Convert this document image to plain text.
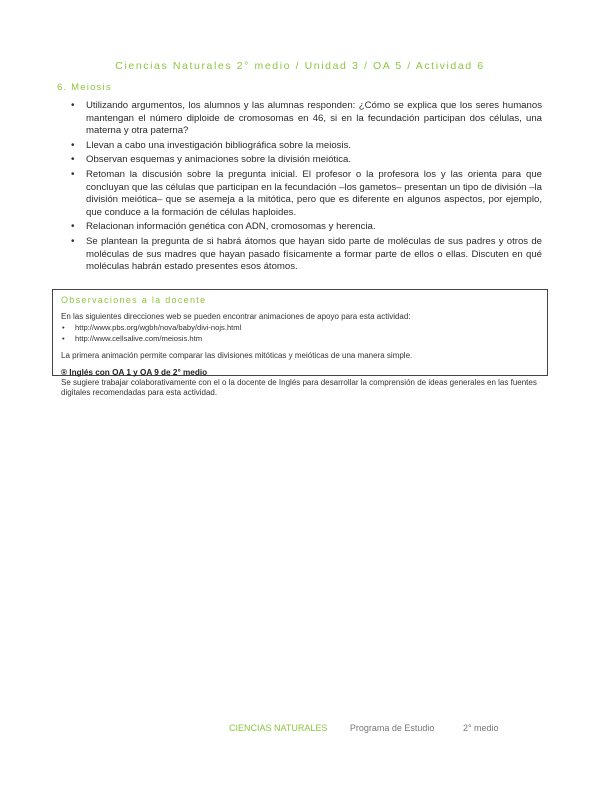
Ciencias Naturales 2° medio / Unidad 3 / OA 5 / Actividad 6
6. Meiosis
• Utilizando argumentos, los alumnos y las alumnas responden: ¿Cómo se explica que los seres humanos mantengan el número diploide de cromosomas en 46, si en la fecundación participan dos células, una materna y otra paterna?
• Llevan a cabo una investigación bibliográfica sobre la meiosis.
• Observan esquemas y animaciones sobre la división meiótica.
• Retoman la discusión sobre la pregunta inicial. El profesor o la profesora los y las orienta para que concluyan que las células que participan en la fecundación –los gametos– presentan un tipo de división –la división meiótica– que se asemeja a la mitótica, pero que es diferente en algunos aspectos, por ejemplo, que conduce a la formación de células haploides.
• Relacionan información genética con ADN, cromosomas y herencia.
• Se plantean la pregunta de si habrá átomos que hayan sido parte de moléculas de sus padres y otros de moléculas de sus madres que hayan pasado físicamente a formar parte de ellos o ellas. Discuten en qué moléculas habrán estado presentes esos átomos.
Observaciones a la docente

En las siguientes direcciones web se pueden encontrar animaciones de apoyo para esta actividad:

• http://www.pbs.org/wgbh/nova/baby/divi-nojs.html
• http://www.cellsalive.com/meiosis.htm

La primera animación permite comparar las divisiones mitóticas y meióticas de una manera simple.

® Inglés con OA 1 y OA 9 de 2° medio

Se sugiere trabajar colaborativamente con el o la docente de Inglés para desarrollar la comprensión de ideas generales en las fuentes digitales recomendadas para esta actividad.

CIENCIAS NATURALES	Programa de Estudio	2° medio
